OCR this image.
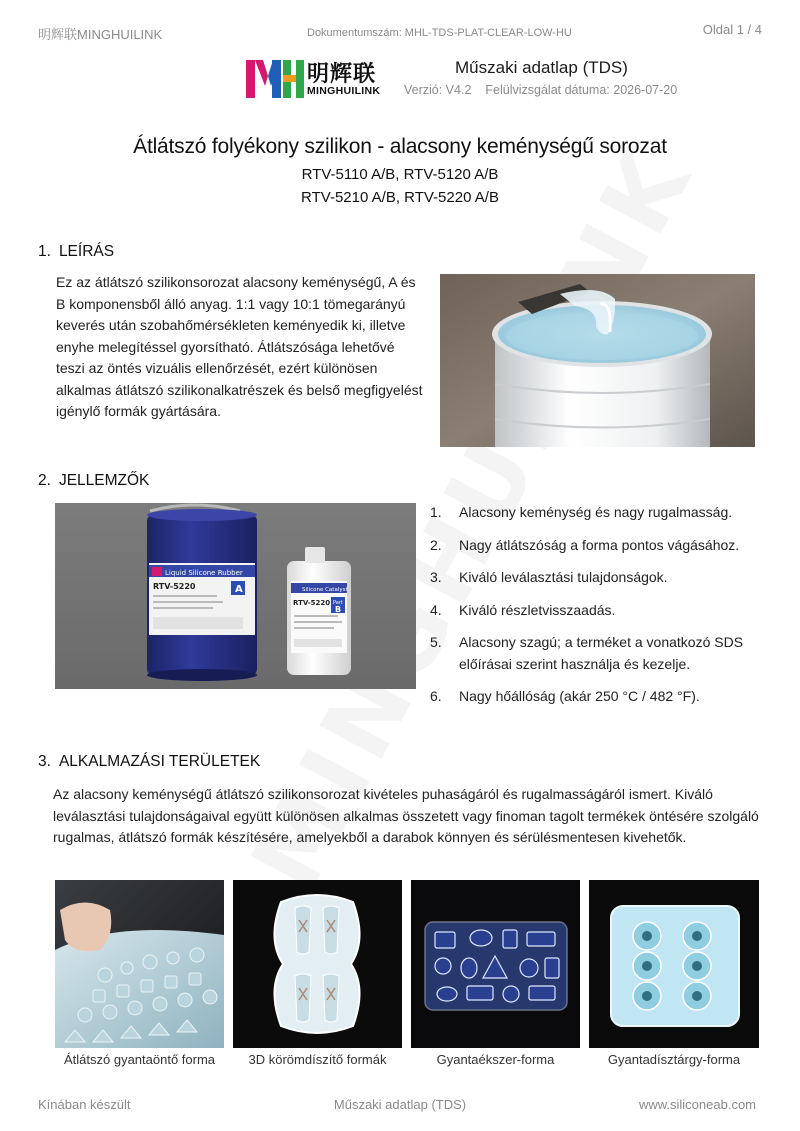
明辉联MINGHUILINK	Dokumentumszám: MHL-TDS-PLAT-CLEAR-LOW-HU	Oldal 1 / 4
明辉联
MINGHUILINK
Műszaki adatlap (TDS)
Verzió: V4.2 Felülvizsgálat dátuma: 2026-07-20
Átlátszó folyékony szilikon - alacsony keménységű sorozat
RTV-5110 A/B, RTV-5120 A/B
RTV-5210 A/B, RTV-5220 A/B
1. LEÍRÁS
Ez az átlátszó szilikonsorozat alacsony keménységű, A és B komponensből álló anyag. 1:1 vagy 10:1 tömegarányú keverés után szobahőmérsékleten keményedik ki, illetve enyhe melegítéssel gyorsítható. Átlátszósága lehetővé teszi az öntés vizuális ellenőrzését, ezért különösen alkalmas átlátszó szilikonalkatrészek és belső megfigyelést igénylő formák gyártására.
2. JELLEMZŐK
Liquid Silicone Rubber
RTV-5220	A	Silicone Catalyst
RTV-5220 Part
B
1. Alacsony keménység és nagy rugalmasság.
2. Nagy átlátszóság a forma pontos vágásához.
3. Kiváló leválasztási tulajdonságok.
4. Kiváló részletvisszaadás.
5. Alacsony szagú; a terméket a vonatkozó SDS előírásai szerint használja és kezelje.
6. Nagy hőállóság (akár 250 °C / 482 °F).
3. ALKALMAZÁSI TERÜLETEK
Az alacsony keménységű átlátszó szilikonsorozat kivételes puhaságáról és rugalmasságáról ismert. Kiváló leválasztási tulajdonságaival együtt különösen alkalmas összetett vagy finoman tagolt termékek öntésére szolgáló rugalmas, átlátszó formák készítésére, amelyekből a darabok könnyen és sérülésmentesen kivehetők.
Átlátszó gyantaöntő forma	3D körömdíszítő formák	Gyantaékszer-forma	Gyantadísztárgy-forma
Kínában készült	Műszaki adatlap (TDS)	www.siliconeab.com
